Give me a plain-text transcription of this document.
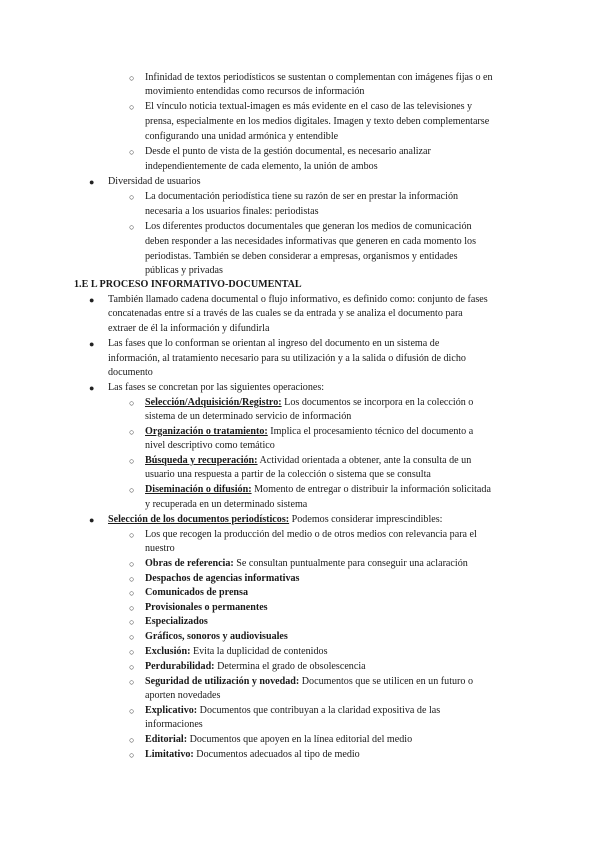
○ Infinidad de textos periodísticos se sustentan o complementan con imágenes fijas o en
movimiento entendidas como recursos de información
○ El vínculo noticia textual-imagen es más evidente en el caso de las televisiones y
prensa, especialmente en los medios digitales. Imagen y texto deben complementarse
configurando una unidad armónica y entendible
○ Desde el punto de vista de la gestión documental, es necesario analizar
independientemente de cada elemento, la unión de ambos
● Diversidad de usuarios
○ La documentación periodística tiene su razón de ser en prestar la información
necesaria a los usuarios finales: periodistas
○ Los diferentes productos documentales que generan los medios de comunicación
deben responder a las necesidades informativas que generen en cada momento los
periodistas. También se deben considerar a empresas, organismos y entidades
públicas y privadas
1.E L PROCESO INFORMATIVO-DOCUMENTAL
● También llamado cadena documental o flujo informativo, es definido como: conjunto de fases
concatenadas entre sí a través de las cuales se da entrada y se analiza el documento para
extraer de él la información y difundirla
● Las fases que lo conforman se orientan al ingreso del documento en un sistema de
información, al tratamiento necesario para su utilización y a la salida o difusión de dicho
documento
● Las fases se concretan por las siguientes operaciones:
○ Selección/Adquisición/Registro: Los documentos se incorpora en la colección o
sistema de un determinado servicio de información
○ Organización o tratamiento: Implica el procesamiento técnico del documento a
nivel descriptivo como temático
○ Búsqueda y recuperación: Actividad orientada a obtener, ante la consulta de un
usuario una respuesta a partir de la colección o sistema que se consulta
○ Diseminación o difusión: Momento de entregar o distribuir la información solicitada
y recuperada en un determinado sistema
● Selección de los documentos periodísticos: Podemos considerar imprescindibles:
○ Los que recogen la producción del medio o de otros medios con relevancia para el
nuestro
○ Obras de referencia: Se consultan puntualmente para conseguir una aclaración
○ Despachos de agencias informativas
○ Comunicados de prensa
○ Provisionales o permanentes
○ Especializados
○ Gráficos, sonoros y audiovisuales
○ Exclusión: Evita la duplicidad de contenidos
○ Perdurabilidad: Determina el grado de obsolescencia
○ Seguridad de utilización y novedad: Documentos que se utilicen en un futuro o
aporten novedades
○ Explicativo: Documentos que contribuyan a la claridad expositiva de las
informaciones
○ Editorial: Documentos que apoyen en la línea editorial del medio
○ Limitativo: Documentos adecuados al tipo de medio
